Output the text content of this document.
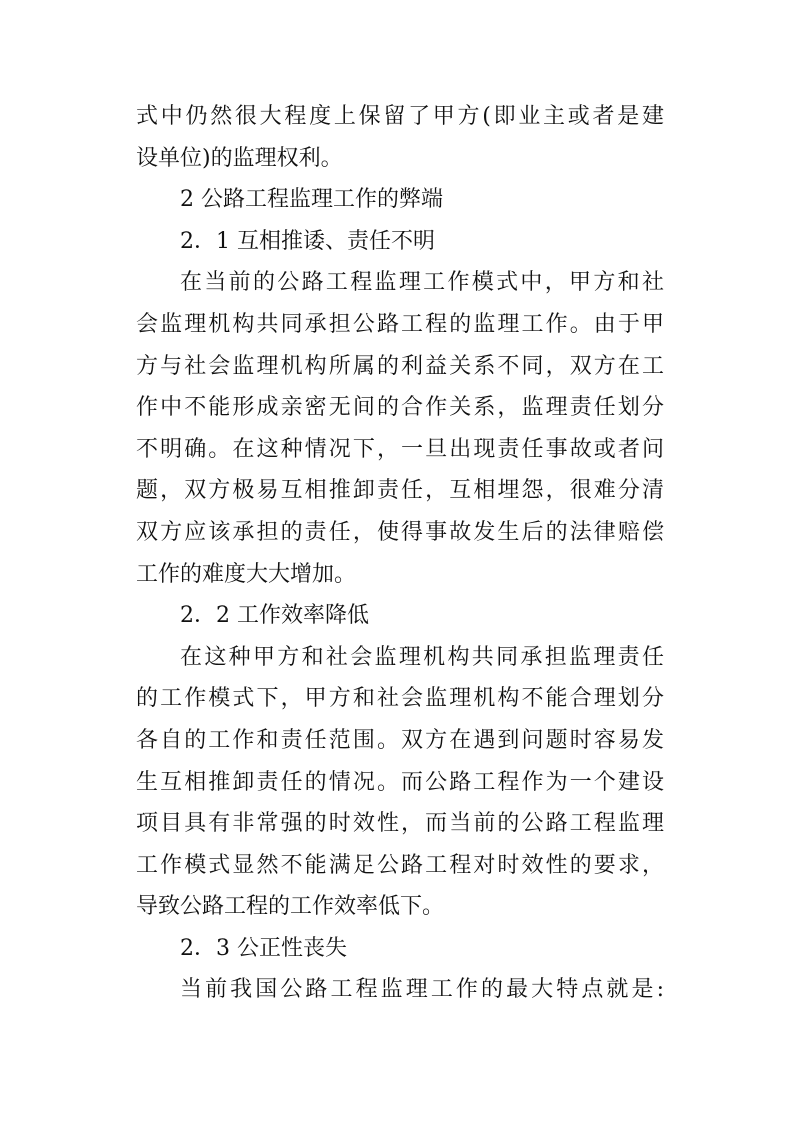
式中仍然很大程度上保留了甲方(即业主或者是建

设单位)的监理权利。

2 公路工程监理工作的弊端

2．1 互相推诿、责任不明

在当前的公路工程监理工作模式中，甲方和社

会监理机构共同承担公路工程的监理工作。由于甲

方与社会监理机构所属的利益关系不同，双方在工

作中不能形成亲密无间的合作关系，监理责任划分

不明确。在这种情况下，一旦出现责任事故或者问

题，双方极易互相推卸责任，互相埋怨，很难分清

双方应该承担的责任，使得事故发生后的法律赔偿

工作的难度大大增加。

2．2 工作效率降低

在这种甲方和社会监理机构共同承担监理责任

的工作模式下，甲方和社会监理机构不能合理划分

各自的工作和责任范围。双方在遇到问题时容易发

生互相推卸责任的情况。而公路工程作为一个建设

项目具有非常强的时效性，而当前的公路工程监理

工作模式显然不能满足公路工程对时效性的要求，

导致公路工程的工作效率低下。

2．3 公正性丧失

当前我国公路工程监理工作的最大特点就是:
